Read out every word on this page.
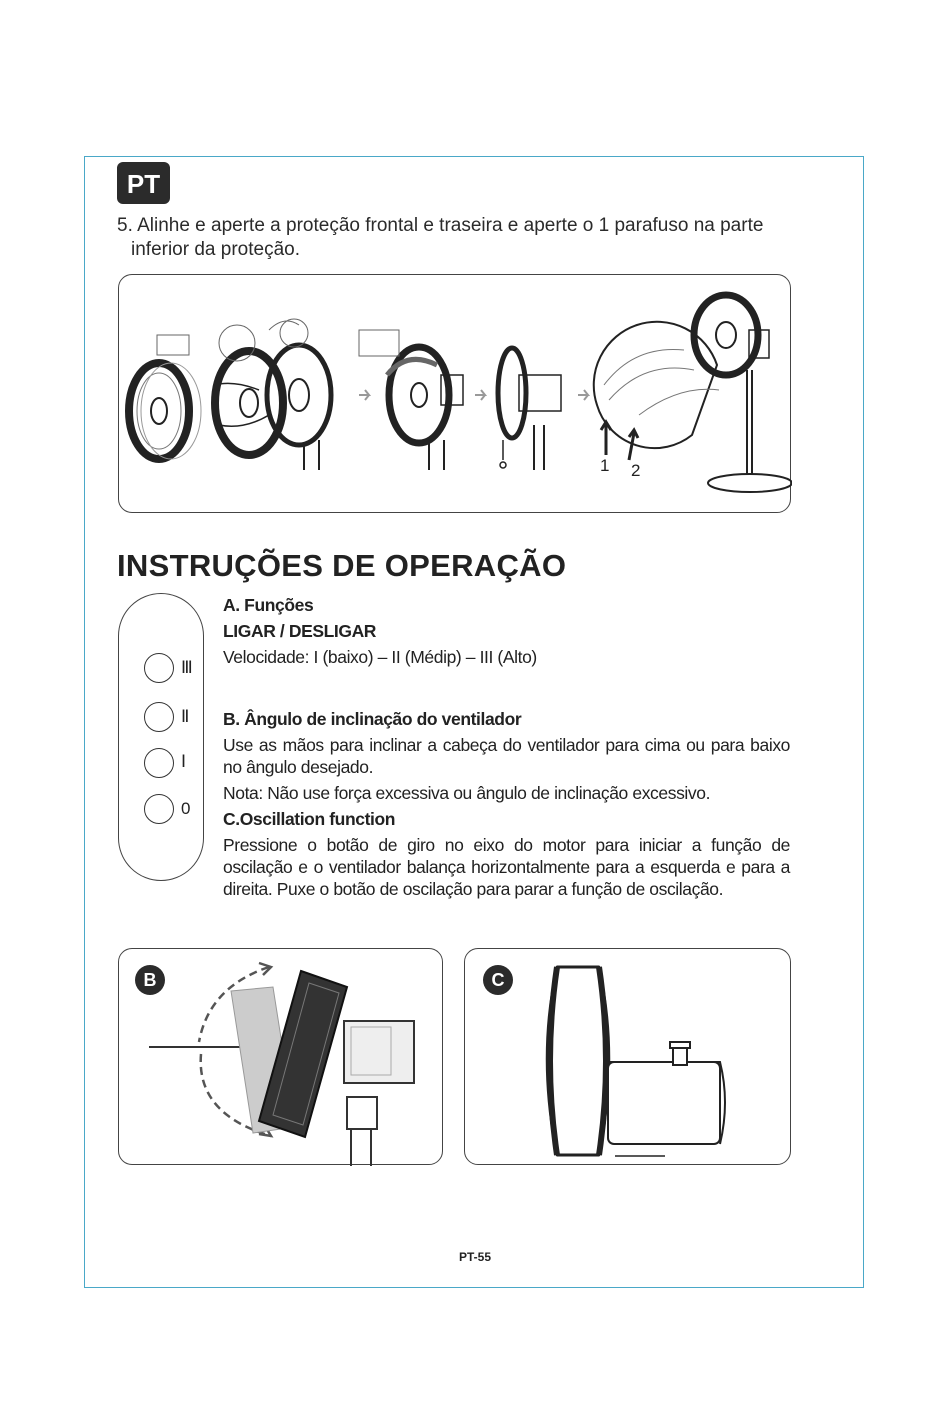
PT
5. Alinhe e aperte a proteção frontal e traseira e aperte o 1 parafuso na parte
inferior da proteção.
1 2
INSTRUÇÕES DE OPERAÇÃO
Ⅲ
Ⅱ
Ⅰ
0

A. Funções

LIGAR / DESLIGAR

Velocidade: I (baixo) – II (Médip) – III (Alto)

B. Ângulo de inclinação do ventilador

Use as mãos para inclinar a cabeça do ventilador para cima ou para baixo no ângulo desejado.

Nota: Não use força excessiva ou ângulo de inclinação excessivo.

C.Oscillation function

Pressione o botão de giro no eixo do motor para iniciar a função de oscilação e o ventilador balança horizontalmente para a esquerda e para a direita. Puxe o botão de oscilação para parar a função de oscilação.

B	C
PT-55
